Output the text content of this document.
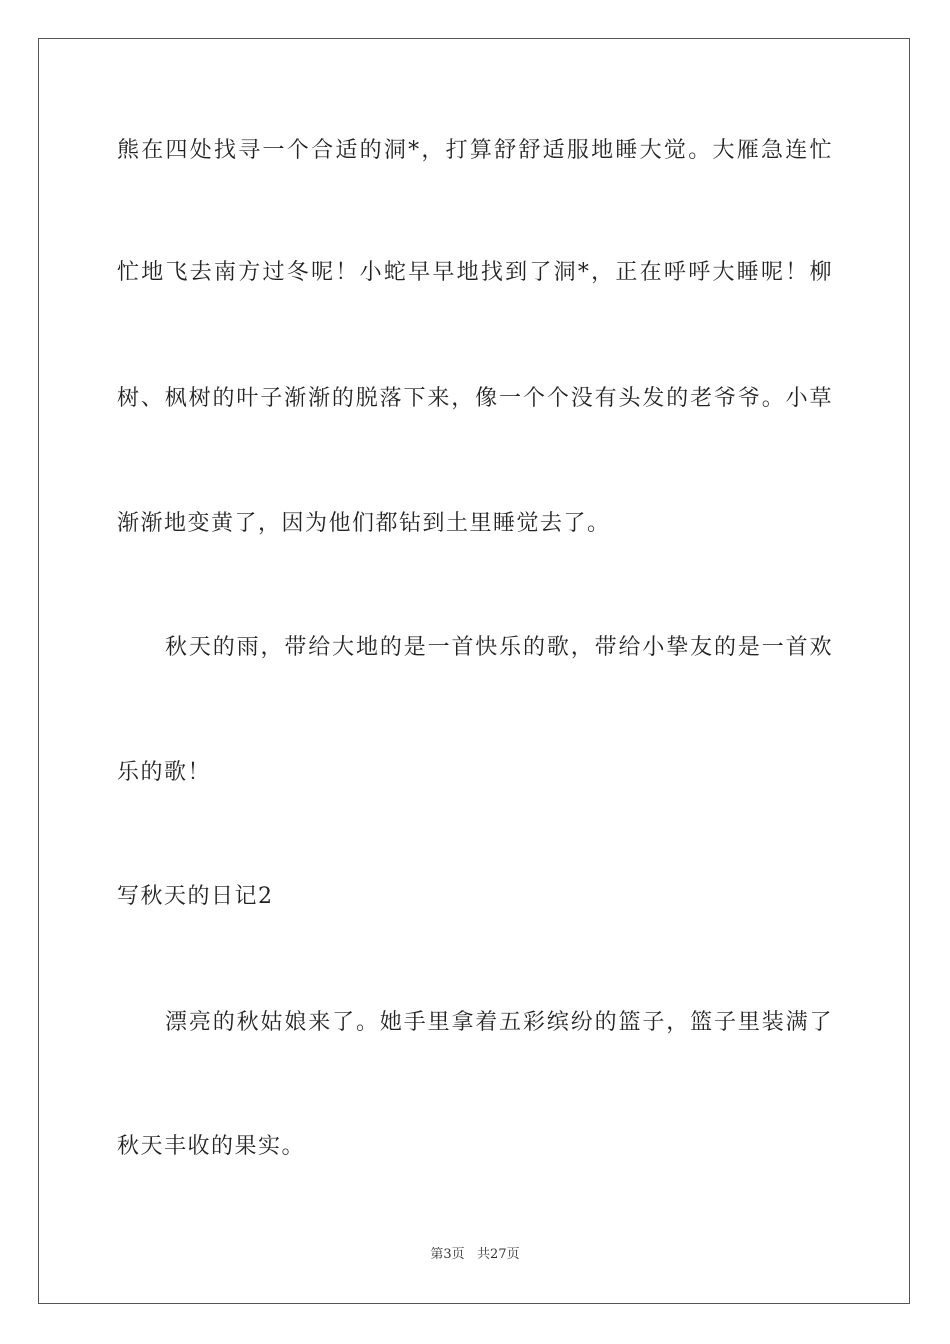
熊在四处找寻一个合适的洞*，打算舒舒适服地睡大觉。大雁急连忙
忙地飞去南方过冬呢！小蛇早早地找到了洞*，正在呼呼大睡呢！柳
树、枫树的叶子渐渐的脱落下来，像一个个没有头发的老爷爷。小草
渐渐地变黄了，因为他们都钻到土里睡觉去了。
秋天的雨，带给大地的是一首快乐的歌，带给小挚友的是一首欢
乐的歌！
写秋天的日记2
漂亮的秋姑娘来了。她手里拿着五彩缤纷的篮子，篮子里装满了
秋天丰收的果实。
第3页   共27页
